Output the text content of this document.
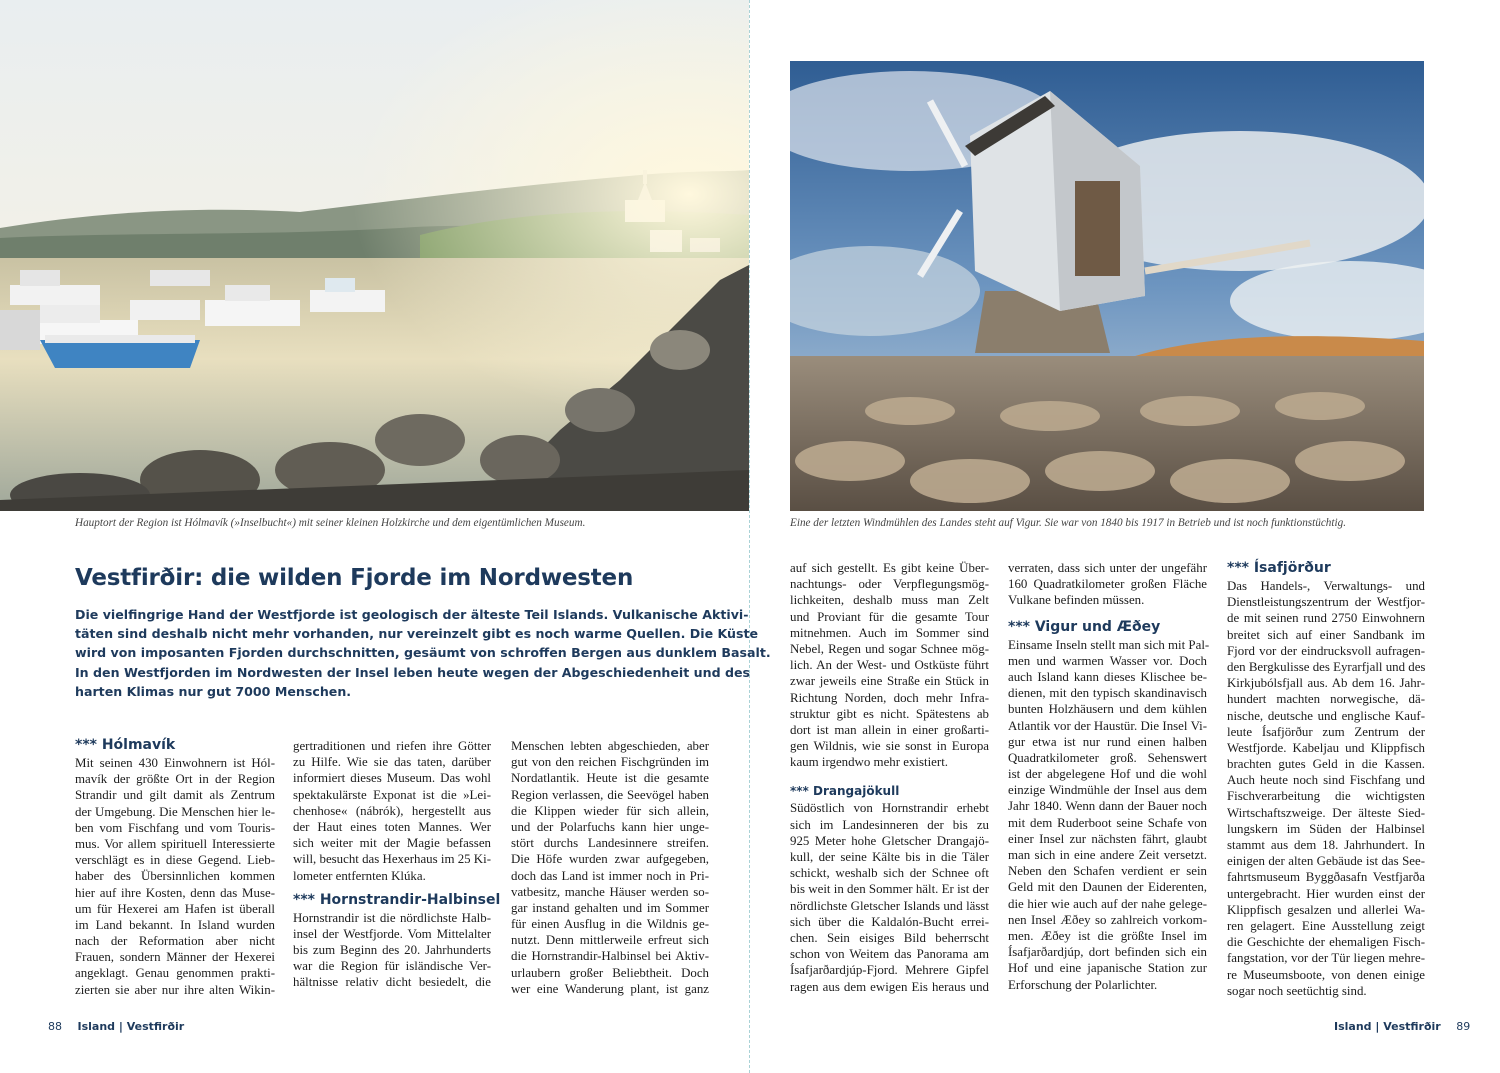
Hauptort der Region ist Hólmavík (»Inselbucht«) mit seiner kleinen Holzkirche und dem eigentümlichen Museum.	Eine der letzten Windmühlen des Landes steht auf Vigur. Sie war von 1840 bis 1917 in Betrieb und ist noch funktionstüchtig.
Vestfirðir: die wilden Fjorde im Nordwesten

Die vielfingrige Hand der Westfjorde ist geologisch der älteste Teil Islands. Vulkanische Aktivi-
täten sind deshalb nicht mehr vorhanden, nur vereinzelt gibt es noch warme Quellen. Die Küste
wird von imposanten Fjorden durchschnitten, gesäumt von schroffen Bergen aus dunklem Basalt.
In den Westfjorden im Nordwesten der Insel leben heute wegen der Abgeschiedenheit und des
harten Klimas nur gut 7000 Menschen.

*** Hólmavík
Mit seinen 430 Einwohnern ist Hól-
mavík der größte Ort in der Region
Strandir und gilt damit als Zentrum
der Umgebung. Die Menschen hier le-
ben vom Fischfang und vom Touris-
mus. Vor allem spirituell Interessierte
verschlägt es in diese Gegend. Lieb-
haber des Übersinnlichen kommen
hier auf ihre Kosten, denn das Muse-
um für Hexerei am Hafen ist überall
im Land bekannt. In Island wurden
nach der Reformation aber nicht
Frauen, sondern Männer der Hexerei
angeklagt. Genau genommen prakti-
zierten sie aber nur ihre alten Wikin-
gertraditionen und riefen ihre Götter
zu Hilfe. Wie sie das taten, darüber
informiert dieses Museum. Das wohl
spektakulärste Exponat ist die »Lei-
chenhose« (nábrók), hergestellt aus
der Haut eines toten Mannes. Wer
sich weiter mit der Magie befassen
will, besucht das Hexerhaus im 25 Ki-
lometer entfernten Klúka.
*** Hornstrandir-Halbinsel
Hornstrandir ist die nördlichste Halb-
insel der Westfjorde. Vom Mittelalter
bis zum Beginn des 20. Jahrhunderts
war die Region für isländische Ver-
hältnisse relativ dicht besiedelt, die
Menschen lebten abgeschieden, aber
gut von den reichen Fischgründen im
Nordatlantik. Heute ist die gesamte
Region verlassen, die Seevögel haben
die Klippen wieder für sich allein,
und der Polarfuchs kann hier unge-
stört durchs Landesinnere streifen.
Die Höfe wurden zwar aufgegeben,
doch das Land ist immer noch in Pri-
vatbesitz, manche Häuser werden so-
gar instand gehalten und im Sommer
für einen Ausflug in die Wildnis ge-
nutzt. Denn mittlerweile erfreut sich
die Hornstrandir-Halbinsel bei Aktiv-
urlaubern großer Beliebtheit. Doch
wer eine Wanderung plant, ist ganz
auf sich gestellt. Es gibt keine Über-
nachtungs- oder Verpflegungsmög-
lichkeiten, deshalb muss man Zelt
und Proviant für die gesamte Tour
mitnehmen. Auch im Sommer sind
Nebel, Regen und sogar Schnee mög-
lich. An der West- und Ostküste führt
zwar jeweils eine Straße ein Stück in
Richtung Norden, doch mehr Infra-
struktur gibt es nicht. Spätestens ab
dort ist man allein in einer großarti-
gen Wildnis, wie sie sonst in Europa
kaum irgendwo mehr existiert.
*** Drangajökull
Südöstlich von Hornstrandir erhebt
sich im Landesinneren der bis zu
925 Meter hohe Gletscher Drangajö-
kull, der seine Kälte bis in die Täler
schickt, weshalb sich der Schnee oft
bis weit in den Sommer hält. Er ist der
nördlichste Gletscher Islands und lässt
sich über die Kaldalón-Bucht errei-
chen. Sein eisiges Bild beherrscht
schon von Weitem das Panorama am
Ísafjarðardjúp-Fjord. Mehrere Gipfel
ragen aus dem ewigen Eis heraus und
verraten, dass sich unter der ungefähr
160 Quadratkilometer großen Fläche
Vulkane befinden müssen.
*** Vigur und Æðey
Einsame Inseln stellt man sich mit Pal-
men und warmen Wasser vor. Doch
auch Island kann dieses Klischee be-
dienen, mit den typisch skandinavisch
bunten Holzhäusern und dem kühlen
Atlantik vor der Haustür. Die Insel Vi-
gur etwa ist nur rund einen halben
Quadratkilometer groß. Sehenswert
ist der abgelegene Hof und die wohl
einzige Windmühle der Insel aus dem
Jahr 1840. Wenn dann der Bauer noch
mit dem Ruderboot seine Schafe von
einer Insel zur nächsten fährt, glaubt
man sich in eine andere Zeit versetzt.
Neben den Schafen verdient er sein
Geld mit den Daunen der Eiderenten,
die hier wie auch auf der nahe gelege-
nen Insel Æðey so zahlreich vorkom-
men. Æðey ist die größte Insel im
Ísafjarðardjúp, dort befinden sich ein
Hof und eine japanische Station zur
Erforschung der Polarlichter.
*** Ísafjörður
Das Handels-, Verwaltungs- und
Dienstleistungszentrum der Westfjor-
de mit seinen rund 2750 Einwohnern
breitet sich auf einer Sandbank im
Fjord vor der eindrucksvoll aufragen-
den Bergkulisse des Eyrarfjall und des
Kirkjubólsfjall aus. Ab dem 16. Jahr-
hundert machten norwegische, dä-
nische, deutsche und englische Kauf-
leute Ísafjörður zum Zentrum der
Westfjorde. Kabeljau und Klippfisch
brachten gutes Geld in die Kassen.
Auch heute noch sind Fischfang und
Fischverarbeitung die wichtigsten
Wirtschaftszweige. Der älteste Sied-
lungskern im Süden der Halbinsel
stammt aus dem 18. Jahrhundert. In
einigen der alten Gebäude ist das See-
fahrtsmuseum Byggðasafn Vestfjarða
untergebracht. Hier wurden einst der
Klippfisch gesalzen und allerlei Wa-
ren gelagert. Eine Ausstellung zeigt
die Geschichte der ehemaligen Fisch-
fangstation, vor der Tür liegen mehre-
re Museumsboote, von denen einige
sogar noch seetüchtig sind.
88 Island | Vestfirðir	Island | Vestfirðir 89
